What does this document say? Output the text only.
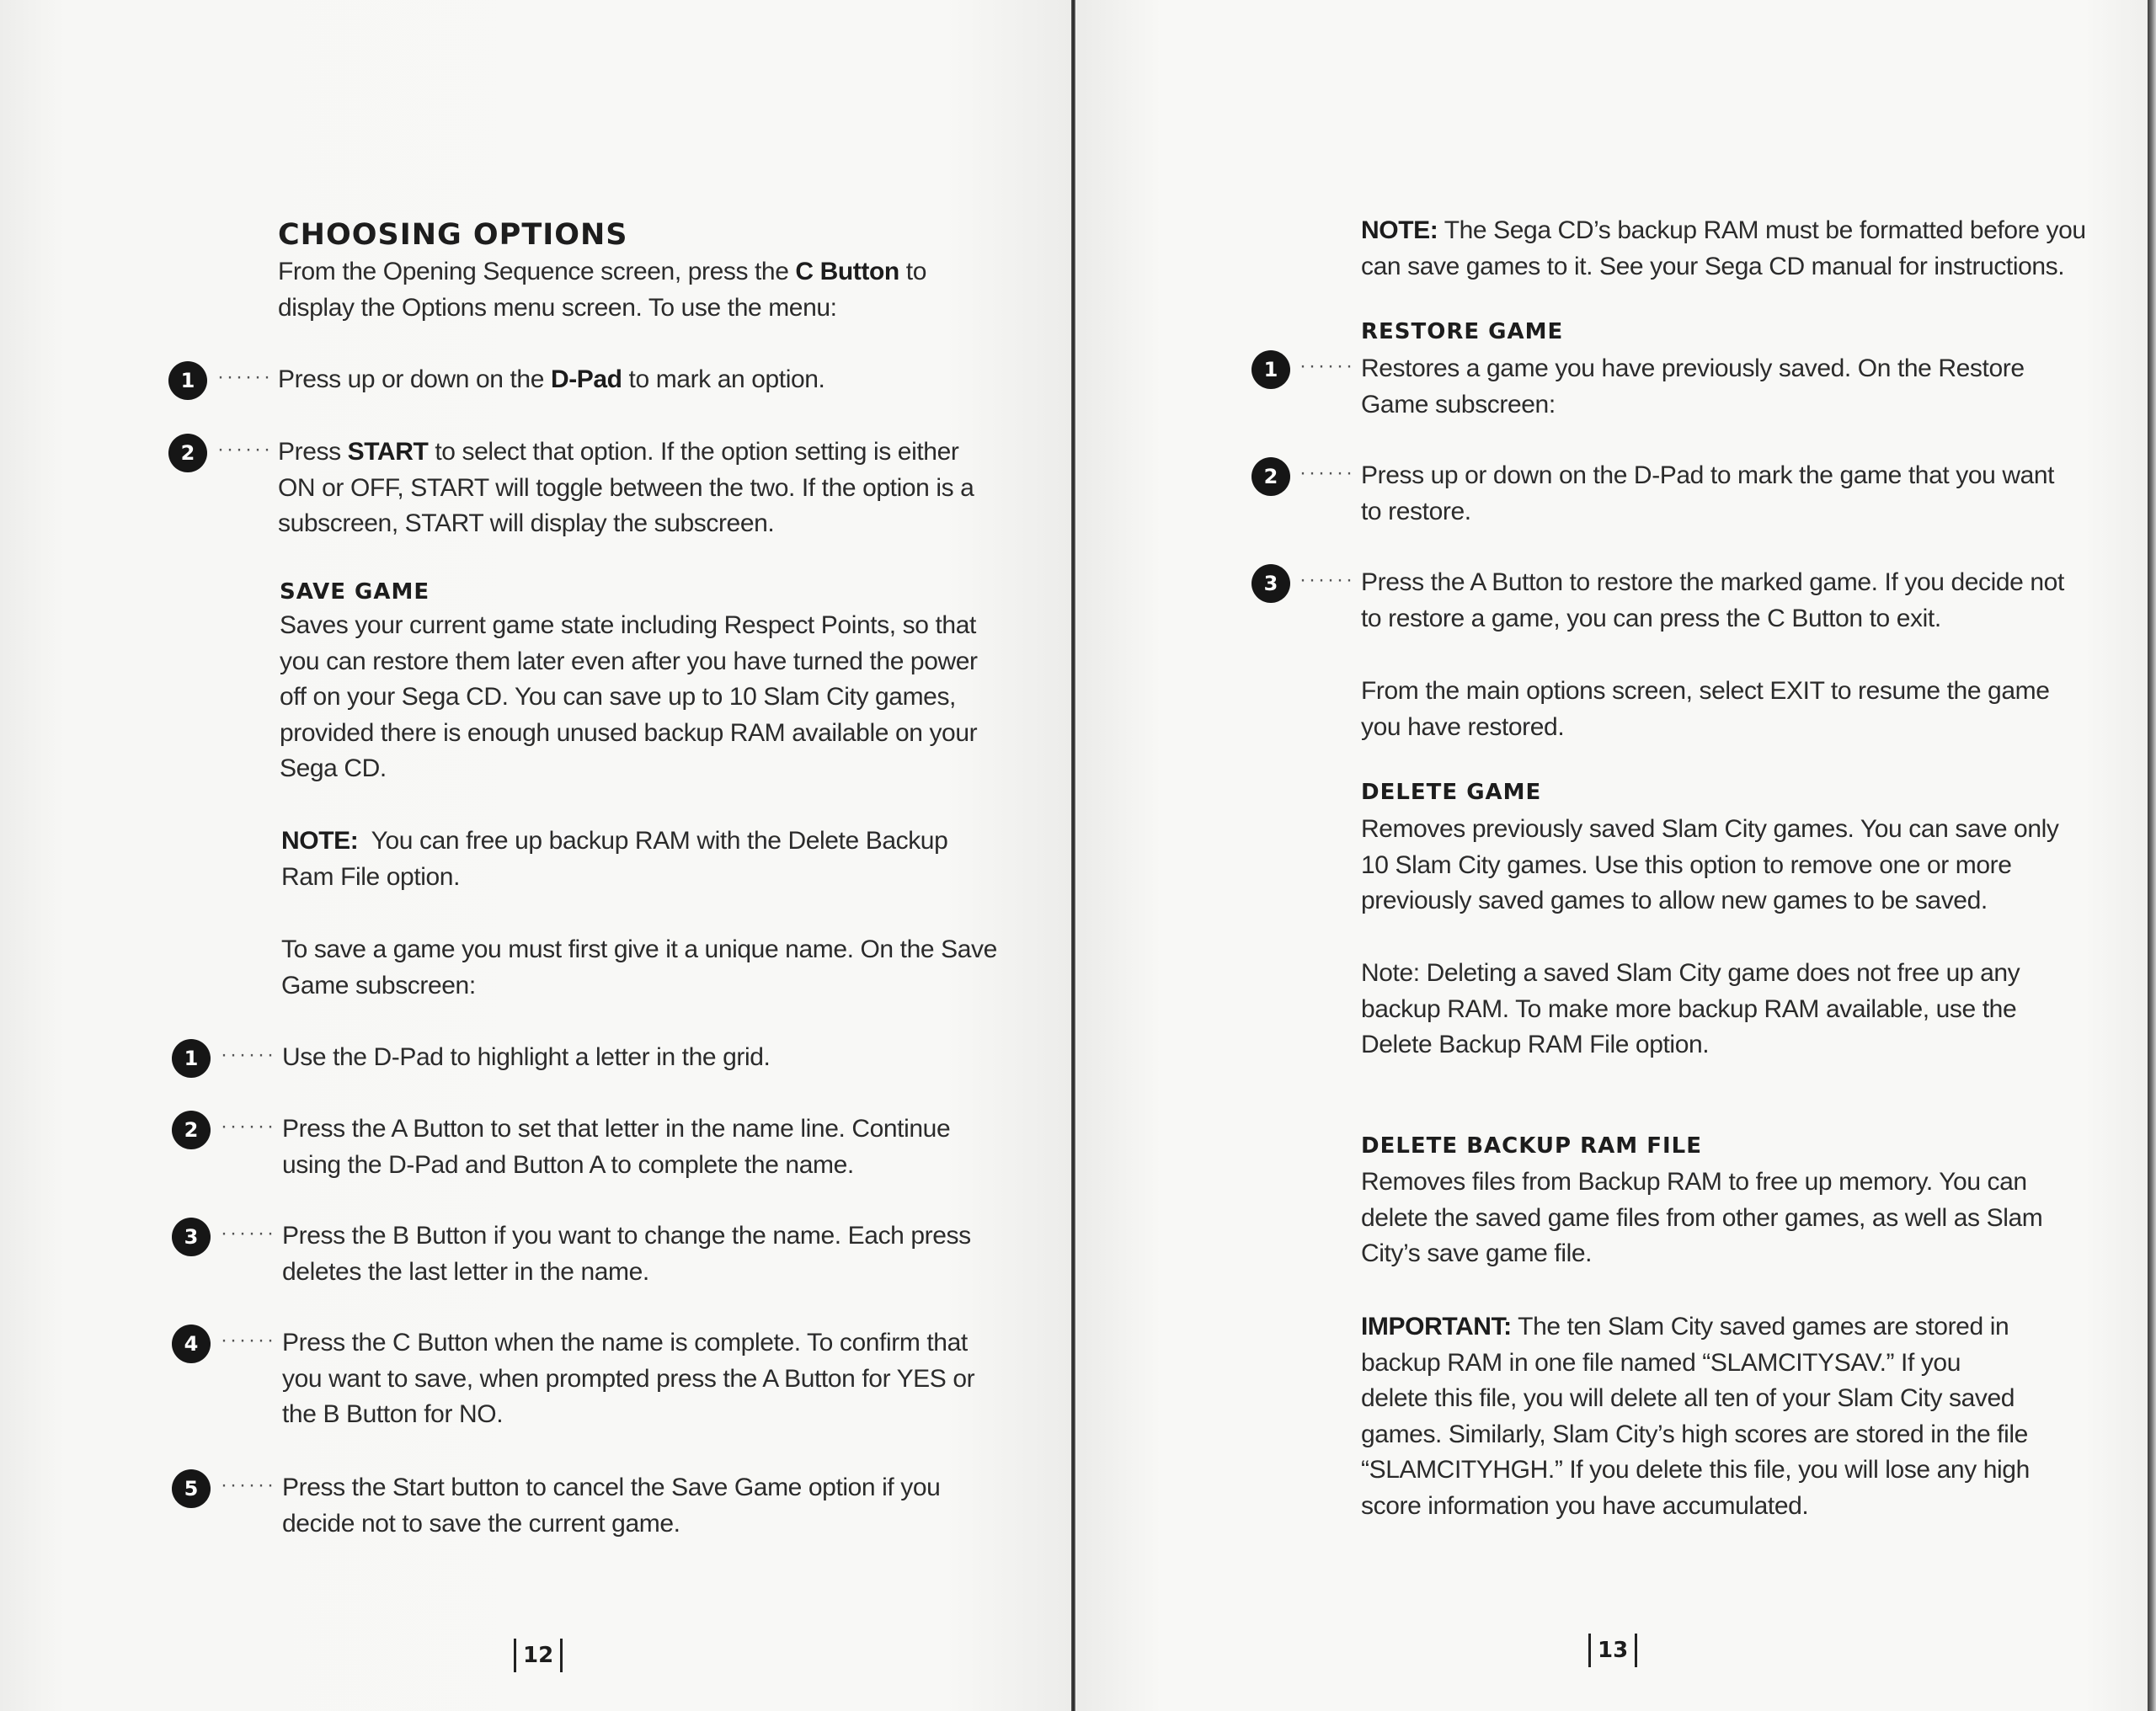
CHOOSING OPTIONS
From the Opening Sequence screen, press the C Button to
display the Options menu screen. To use the menu:
1	······ Press up or down on the D-Pad to mark an option.
2	······ Press START to select that option. If the option setting is either
ON or OFF, START will toggle between the two. If the option is a
subscreen, START will display the subscreen.
SAVE GAME
Saves your current game state including Respect Points, so that
you can restore them later even after you have turned the power
off on your Sega CD. You can save up to 10 Slam City games,
provided there is enough unused backup RAM available on your
Sega CD.
NOTE:  You can free up backup RAM with the Delete Backup
Ram File option.
To save a game you must first give it a unique name. On the Save
Game subscreen:
1	······ Use the D-Pad to highlight a letter in the grid.
2	······ Press the A Button to set that letter in the name line. Continue
using the D-Pad and Button A to complete the name.
3	······ Press the B Button if you want to change the name. Each press
deletes the last letter in the name.
4	······ Press the C Button when the name is complete. To confirm that
you want to save, when prompted press the A Button for YES or
the B Button for NO.
5	······ Press the Start button to cancel the Save Game option if you
decide not to save the current game.
12
NOTE: The Sega CD’s backup RAM must be formatted before you
can save games to it. See your Sega CD manual for instructions.
RESTORE GAME
1	······ Restores a game you have previously saved. On the Restore
Game subscreen:
2	······ Press up or down on the D-Pad to mark the game that you want
to restore.
3	······ Press the A Button to restore the marked game. If you decide not
to restore a game, you can press the C Button to exit.
From the main options screen, select EXIT to resume the game
you have restored.
DELETE GAME
Removes previously saved Slam City games. You can save only
10 Slam City games. Use this option to remove one or more
previously saved games to allow new games to be saved.
Note: Deleting a saved Slam City game does not free up any
backup RAM. To make more backup RAM available, use the
Delete Backup RAM File option.
DELETE BACKUP RAM FILE
Removes files from Backup RAM to free up memory. You can
delete the saved game files from other games, as well as Slam
City’s save game file.
IMPORTANT: The ten Slam City saved games are stored in
backup RAM in one file named “SLAMCITYSAV.” If you
delete this file, you will delete all ten of your Slam City saved
games. Similarly, Slam City’s high scores are stored in the file
“SLAMCITYHGH.” If you delete this file, you will lose any high
score information you have accumulated.
13
